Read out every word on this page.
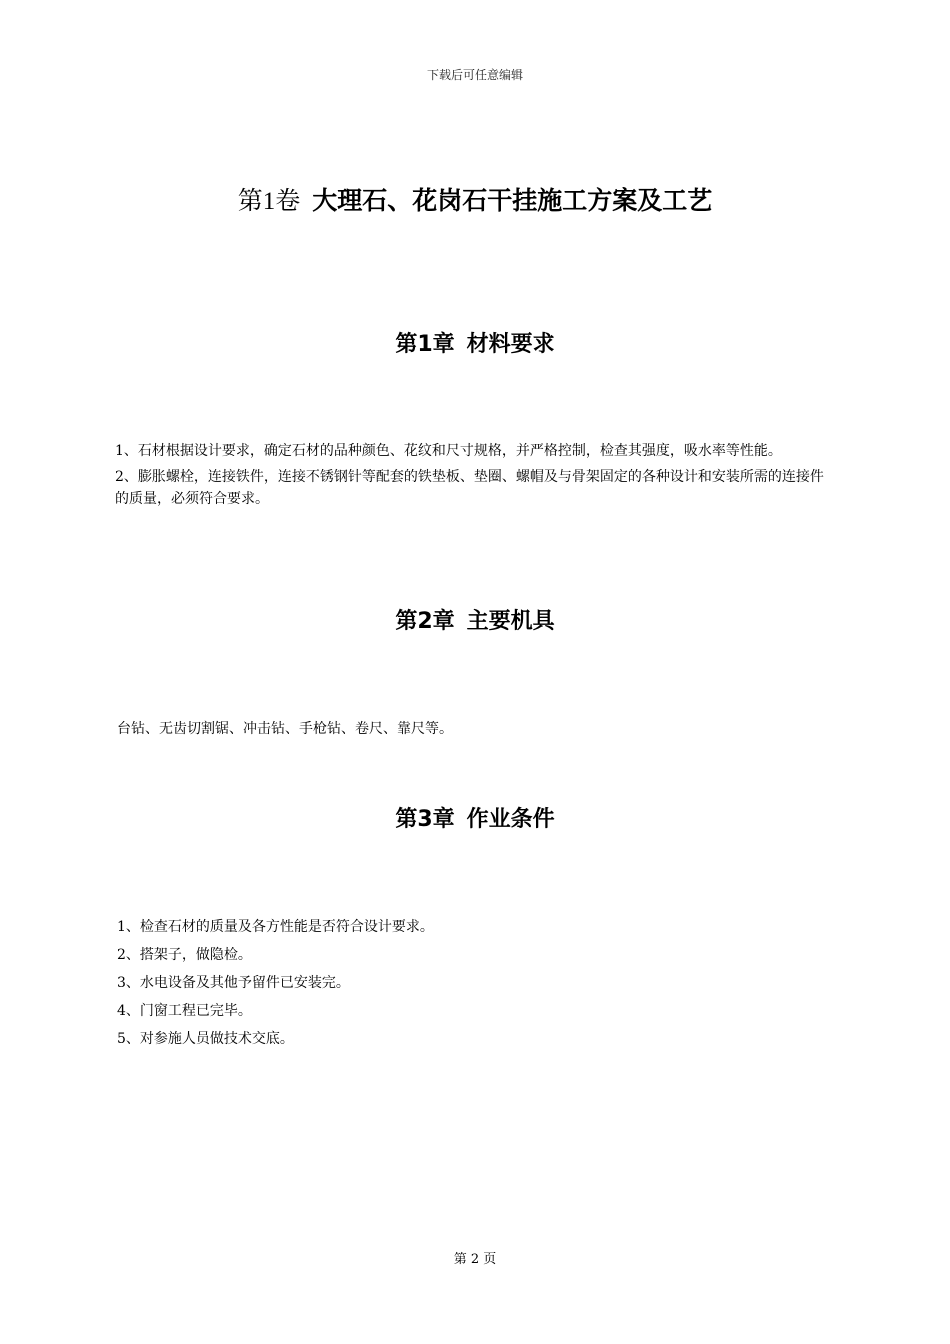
下载后可任意编辑
第1卷 大理石、花岗石干挂施工方案及工艺
第1章 材料要求

1、石材根据设计要求，确定石材的品种颜色、花纹和尺寸规格，并严格控制，检查其强度，吸水率等性能。

2、膨胀螺栓，连接铁件，连接不锈钢针等配套的铁垫板、垫圈、螺帽及与骨架固定的各种设计和安装所需的连接件的质量，必须符合要求。

第2章 主要机具

台钻、无齿切割锯、冲击钻、手枪钻、卷尺、靠尺等。

第3章 作业条件
1、检查石材的质量及各方性能是否符合设计要求。
2、搭架子，做隐检。
3、水电设备及其他予留件已安装完。
4、门窗工程已完毕。
5、对参施人员做技术交底。
第 2 页
